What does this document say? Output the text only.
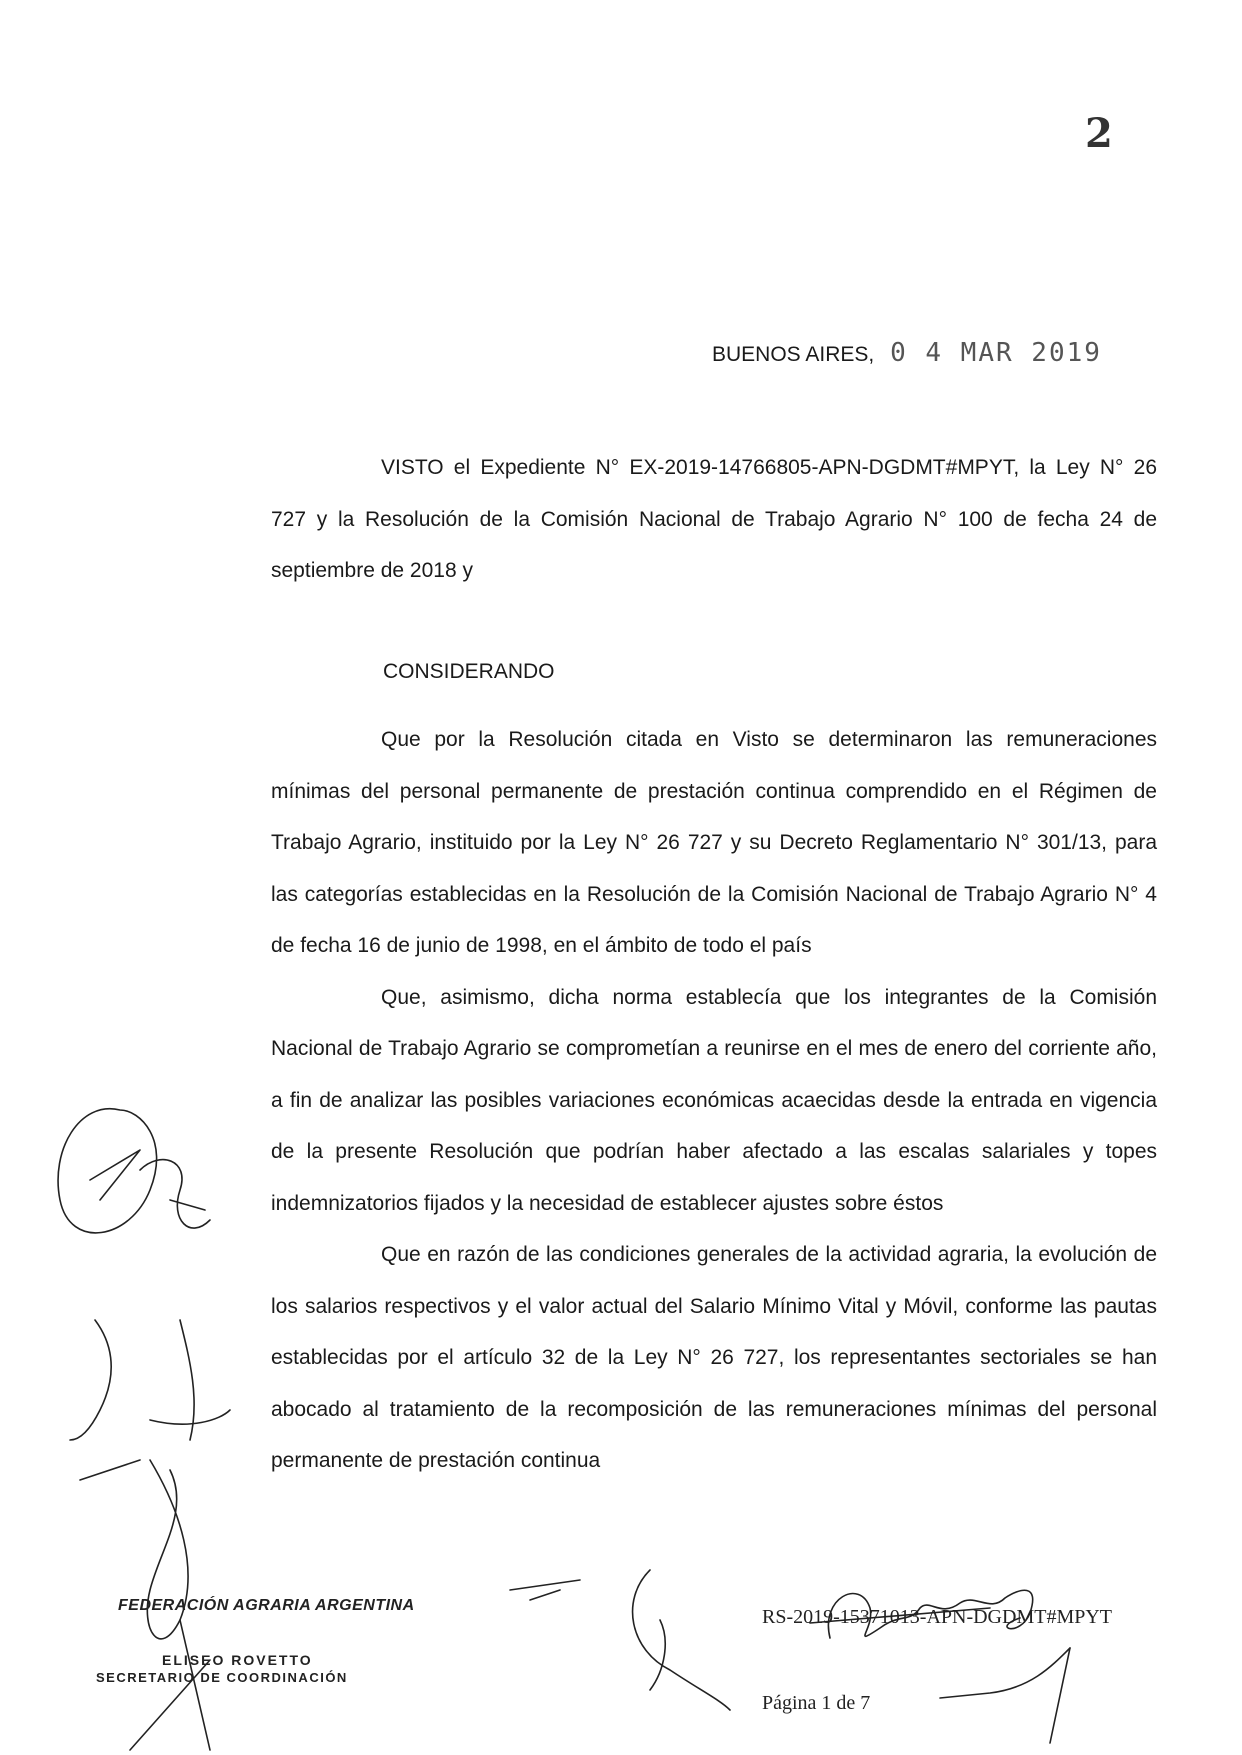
2
BUENOS AIRES, 0 4 MAR 2019

VISTO el Expediente N° EX-2019-14766805-APN-DGDMT#MPYT, la Ley N° 26 727 y la Resolución de la Comisión Nacional de Trabajo Agrario N° 100 de fecha 24 de septiembre de 2018 y

CONSIDERANDO

Que por la Resolución citada en Visto se determinaron las remuneraciones mínimas del personal permanente de prestación continua comprendido en el Régimen de Trabajo Agrario, instituido por la Ley N° 26 727 y su Decreto Reglamentario N° 301/13, para las categorías establecidas en la Resolución de la Comisión Nacional de Trabajo Agrario N° 4 de fecha 16 de junio de 1998, en el ámbito de todo el país

Que, asimismo, dicha norma establecía que los integrantes de la Comisión Nacional de Trabajo Agrario se comprometían a reunirse en el mes de enero del corriente año, a fin de analizar las posibles variaciones económicas acaecidas desde la entrada en vigencia de la presente Resolución que podrían haber afectado a las escalas salariales y topes indemnizatorios fijados y la necesidad de establecer ajustes sobre éstos

Que en razón de las condiciones generales de la actividad agraria, la evolución de los salarios respectivos y el valor actual del Salario Mínimo Vital y Móvil, conforme las pautas establecidas por el artículo 32 de la Ley N° 26 727, los representantes sectoriales se han abocado al tratamiento de la recomposición de las remuneraciones mínimas del personal permanente de prestación continua

FEDERACIÓN AGRARIA ARGENTINA
ELISEO ROVETTO
SECRETARIO DE COORDINACIÓN
RS-2019-15371013-APN-DGDMT#MPYT
Página 1 de 7
